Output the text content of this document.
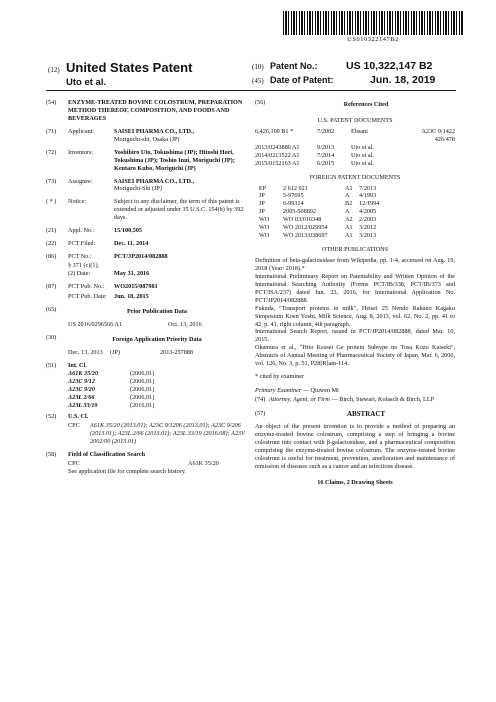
US010322147B2
(12) United States Patent
Uto et al.
(10) Patent No.:	US 10,322,147 B2
(45) Date of Patent:	Jun. 18, 2019
(54)	ENZYME-TREATED BOVINE COLOSTRUM, PREPARATION METHOD THEREOF, COMPOSITION, AND FOODS AND BEVERAGES
(71)	Applicant:	SAISEI PHARMA CO., LTD.,
Moriguchi-shi, Osaka (JP)
(72)	Inventors:	Yoshihiro Uto, Tokushima (JP); Hitoshi Hori, Tokushima (JP); Toshio Inui, Moriguchi (JP); Kentaro Kubo, Moriguchi (JP)
(73)	Assignee:	SAISEI PHARMA CO., LTD.,
Moriguchi-Shi (JP)
( * )	Notice:	Subject to any disclaimer, the term of this patent is extended or adjusted under 35 U.S.C. 154(b) by 392 days.
(21)	Appl. No.:	15/100,505
(22)	PCT Filed:	Dec. 11, 2014
(86)	PCT No.:	PCT/JP2014/082888
§ 371 (c)(1),
(2) Date:	May 31, 2016
(87)	PCT Pub. No.:	WO2015/087981
PCT Pub. Date:	Jun. 18, 2015
(65)	Prior Publication Data
US 2016/0296566 A1	Oct. 13, 2016
(30)	Foreign Application Priority Data
Dec. 13, 2013	(JP)	2013-257888
(51)	Int. Cl.
A61K 35/20	(2006.01)
A23C 9/12	(2006.01)
A23C 9/20	(2006.01)
A23L 2/66	(2006.01)
A23L 33/19	(2016.01)
(52)	U.S. Cl.
CPC	A61K 35/20 (2013.01); A23C 9/1206 (2013.01); A23C 9/206 (2013.01); A23L 2/66 (2013.01); A23L 33/19 (2016.08); A23V 2002/00 (2013.01)
(58)	Field of Classification Search
CPC	A61K 35/20
See application file for complete search history.
(56)	References Cited
U.S. PATENT DOCUMENTS
6,426,109 B1 *	7/2002	Ebsani	A23C 9/1422
426/478
2013/0243880 A1	9/2013	Uto et al.
2014/0213522 A1	7/2014	Uto et al.
2015/0152163 A1	6/2015	Uto et al.
FOREIGN PATENT DOCUMENTS
EP	2 612 921	A1	7/2013
JP	5-97695	A	4/1993
JP	6-99314	B2	12/1994
JP	2005-508892	A	4/2005
WO	WO 03/016348	A2	2/2003
WO	WO 2012/029954	A1	3/2012
WO	WO 2013/038697	A1	3/2013
OTHER PUBLICATIONS

Definition of beta-galactosidase from Wikipedia, pp. 1-4, accessed on Aug. 19, 2018 (Year: 2018).*

International Preliminary Report on Patentability and Written Opinion of the International Searching Authority (Forms PCT/IB/338, PCT/IB/373 and PCT/ISA/237) dated Jun. 23, 2016, for International Application No. PCT/JP2014/082888.

Fukuda, "Transport proteins in milk", Heisei 25 Nendo Rakuno Kagaku Simposium Koen Yoshi, Milk Science, Aug. 8, 2013, vol. 62, No. 2, pp. 41 to 42, p. 41, right column, 4th paragraph.

International Search Report, issued in PCT/JP2014/082888, dated Mar. 10, 2015.

Okamura et al., "Hito Kessei Ge protein Subtype no Tosa Kozo Kaiseki", Abstracts of Annual Meeting of Pharmaceutical Society of Japan, Mar. 6, 2006, vol. 126, No. 3, p. 51, P28[R]am-114.

* cited by examiner
Primary Examiner — Qiuwen Mi
(74) Attorney, Agent, or Firm — Birch, Stewart, Kolasch & Birch, LLP
(57)	ABSTRACT

An object of the present invention is to provide a method of preparing an enzyme-treated bovine colostrum, comprising a step of bringing a bovine colostrum into contact with β-galactosidase, and a pharmaceutical composition comprising the enzyme-treated bovine colostrum. The enzyme-treated bovine colostrum is useful for treatment, prevention, amelioration and maintenance of remission of diseases such as a cancer and an infectious disease.

16 Claims, 2 Drawing Sheets
